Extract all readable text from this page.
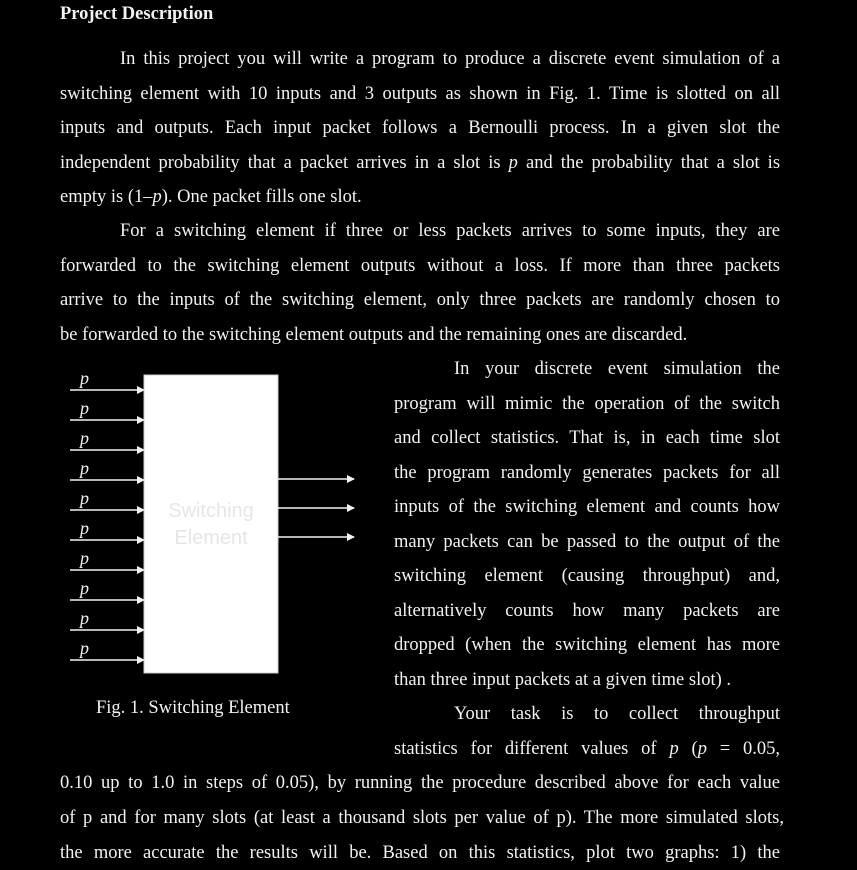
Project Description
In this project you will write a program to produce a discrete event simulation of a
switching element with 10 inputs and 3 outputs as shown in Fig. 1. Time is slotted on all
inputs and outputs. Each input packet follows a Bernoulli process. In a given slot the
independent probability that a packet arrives in a slot is p and the probability that a slot is
empty is (1–p). One packet fills one slot.
For a switching element if three or less packets arrives to some inputs, they are
forwarded to the switching element outputs without a loss. If more than three packets
arrive to the inputs of the switching element, only three packets are randomly chosen to
be forwarded to the switching element outputs and the remaining ones are discarded.
p
p
p
p
p
p
p
p
p
p
Switching
Element
Fig. 1. Switching Element
In your discrete event simulation the
program will mimic the operation of the switch
and collect statistics. That is, in each time slot
the program randomly generates packets for all
inputs of the switching element and counts how
many packets can be passed to the output of the
switching element (causing throughput) and,
alternatively counts how many packets are
dropped (when the switching element has more
than three input packets at a given time slot) .
Your task is to collect throughput
statistics for different values of p (p = 0.05,
0.10 up to 1.0 in steps of 0.05), by running the procedure described above for each value
of p and for many slots (at least a thousand slots per value of p). The more simulated slots,
the more accurate the results will be. Based on this statistics, plot two graphs: 1) the
